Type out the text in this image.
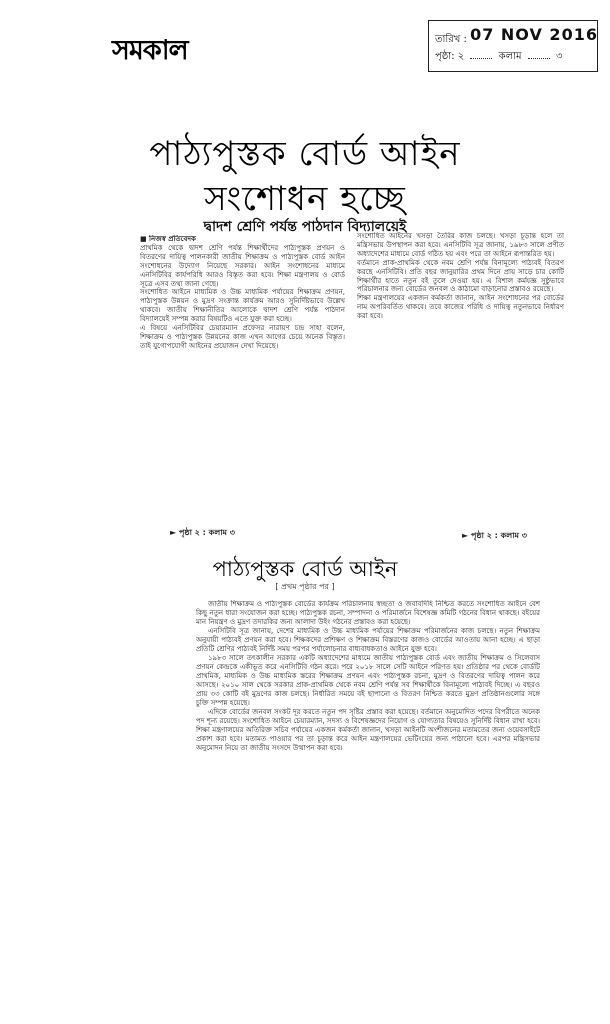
সমকাল	তারিখ : 07 NOV 2016
পৃষ্ঠা: ২	কলাম	৩
পাঠ্যপুস্তক বোর্ড আইন
সংশোধন হচ্ছে
দ্বাদশ শ্রেণি পর্যন্ত পাঠদান বিদ্যালয়েই

■ নিজস্ব প্রতিবেদক

প্রাথমিক থেকে দ্বাদশ শ্রেণি পর্যন্ত শিক্ষার্থীদের পাঠ্যপুস্তক প্রণয়ন ও বিতরণের দায়িত্ব পালনকারী জাতীয় শিক্ষাক্রম ও পাঠ্যপুস্তক বোর্ড আইন সংশোধনের উদ্যোগ নিয়েছে সরকার। আইন সংশোধনের মাধ্যমে এনসিটিবির কার্যপরিধি আরও বিস্তৃত করা হবে। শিক্ষা মন্ত্রণালয় ও বোর্ড সূত্রে এসব তথ্য জানা গেছে।

সংশোধিত আইনে মাধ্যমিক ও উচ্চ মাধ্যমিক পর্যায়ের শিক্ষাক্রম প্রণয়ন, পাঠ্যপুস্তক উন্নয়ন ও মুদ্রণ সংক্রান্ত কার্যক্রম আরও সুনির্দিষ্টভাবে উল্লেখ থাকবে। জাতীয় শিক্ষানীতির আলোকে দ্বাদশ শ্রেণি পর্যন্ত পাঠদান বিদ্যালয়েই সম্পন্ন করার বিষয়টিও এতে যুক্ত করা হচ্ছে।

এ বিষয়ে এনসিটিবির চেয়ারম্যান প্রফেসর নারায়ণ চন্দ্র সাহা বলেন, শিক্ষাক্রম ও পাঠ্যপুস্তক উন্নয়নের কাজ এখন আগের চেয়ে অনেক বিস্তৃত। তাই যুগোপযোগী আইনের প্রয়োজন দেখা দিয়েছে।

► পৃষ্ঠা ২ : কলাম ৩

সংশোধিত আইনের খসড়া তৈরির কাজ চলছে। খসড়া চূড়ান্ত হলে তা মন্ত্রিসভায় উপস্থাপন করা হবে। এনসিটিবি সূত্র জানায়, ১৯৮৩ সালে প্রণীত অধ্যাদেশের মাধ্যমে বোর্ড গঠিত হয় এবং পরে তা আইনে রূপান্তরিত হয়।

বর্তমানে প্রাক-প্রাথমিক থেকে নবম শ্রেণি পর্যন্ত বিনামূল্যে পাঠ্যবই বিতরণ করছে এনসিটিবি। প্রতি বছর জানুয়ারির প্রথম দিনে প্রায় সাড়ে চার কোটি শিক্ষার্থীর হাতে নতুন বই তুলে দেওয়া হয়। এ বিশাল কর্মযজ্ঞ সুষ্ঠুভাবে পরিচালনার জন্য বোর্ডের জনবল ও কাঠামো বাড়ানোর প্রস্তাবও রয়েছে।

শিক্ষা মন্ত্রণালয়ের একজন কর্মকর্তা জানান, আইন সংশোধনের পর বোর্ডের নাম অপরিবর্তিত থাকবে। তবে কাজের পরিধি ও দায়িত্ব নতুনভাবে নির্ধারণ করা হবে।

► পৃষ্ঠা ২ : কলাম ৩
পাঠ্যপুস্তক বোর্ড আইন
[ প্রথম পৃষ্ঠার পর ]

জাতীয় শিক্ষাক্রম ও পাঠ্যপুস্তক বোর্ডের কার্যক্রম পরিচালনায় স্বচ্ছতা ও জবাবদিহি নিশ্চিত করতে সংশোধিত আইনে বেশ কিছু নতুন ধারা সংযোজন করা হচ্ছে। পাঠ্যপুস্তক রচনা, সম্পাদনা ও পরিমার্জনে বিশেষজ্ঞ কমিটি গঠনের বিধান থাকছে। বইয়ের মান নিয়ন্ত্রণ ও মুদ্রণ তদারকির জন্য আলাদা উইং গঠনের প্রস্তাবও করা হয়েছে।

এনসিটিবি সূত্র জানায়, দেশের মাধ্যমিক ও উচ্চ মাধ্যমিক পর্যায়ের শিক্ষাক্রম পরিমার্জনের কাজ চলছে। নতুন শিক্ষাক্রম অনুযায়ী পাঠ্যবই প্রণয়ন করা হবে। শিক্ষকদের প্রশিক্ষণ ও শিক্ষাক্রম বিস্তরণের কাজও বোর্ডের আওতায় আনা হচ্ছে। এ ছাড়া প্রতিটি শ্রেণির পাঠ্যবই নির্দিষ্ট সময় পরপর পর্যালোচনার বাধ্যবাধকতাও আইনে যুক্ত হবে।

১৯৮৩ সালে তৎকালীন সরকার একটি অধ্যাদেশের মাধ্যমে জাতীয় পাঠ্যপুস্তক বোর্ড এবং জাতীয় শিক্ষাক্রম ও সিলেবাস প্রণয়ন কেন্দ্রকে একীভূত করে এনসিটিবি গঠন করে। পরে ২০১৮ সালে সেটি আইনে পরিণত হয়। প্রতিষ্ঠার পর থেকে বোর্ডটি প্রাথমিক, মাধ্যমিক ও উচ্চ মাধ্যমিক স্তরের শিক্ষাক্রম প্রণয়ন এবং পাঠ্যপুস্তক রচনা, মুদ্রণ ও বিতরণের দায়িত্ব পালন করে আসছে। ২০১০ সাল থেকে সরকার প্রাক-প্রাথমিক থেকে নবম শ্রেণি পর্যন্ত সব শিক্ষার্থীকে বিনামূল্যে পাঠ্যবই দিচ্ছে। এ বছরও প্রায় ৩৩ কোটি বই মুদ্রণের কাজ চলছে। নির্ধারিত সময়ে বই ছাপানো ও বিতরণ নিশ্চিত করতে মুদ্রণ প্রতিষ্ঠানগুলোর সঙ্গে চুক্তি সম্পন্ন হয়েছে।

এদিকে বোর্ডের জনবল সংকট দূর করতে নতুন পদ সৃষ্টির প্রস্তাব করা হয়েছে। বর্তমানে অনুমোদিত পদের বিপরীতে অনেক পদ শূন্য রয়েছে। সংশোধিত আইনে চেয়ারম্যান, সদস্য ও বিশেষজ্ঞদের নিয়োগ ও যোগ্যতার বিষয়েও সুনির্দিষ্ট বিধান রাখা হবে। শিক্ষা মন্ত্রণালয়ের অতিরিক্ত সচিব পর্যায়ের একজন কর্মকর্তা জানান, খসড়া আইনটি অংশীজনের মতামতের জন্য ওয়েবসাইটে প্রকাশ করা হবে। মতামত পাওয়ার পর তা চূড়ান্ত করে আইন মন্ত্রণালয়ের ভেটিংয়ের জন্য পাঠানো হবে। এরপর মন্ত্রিসভার অনুমোদন নিয়ে তা জাতীয় সংসদে উত্থাপন করা হবে।
